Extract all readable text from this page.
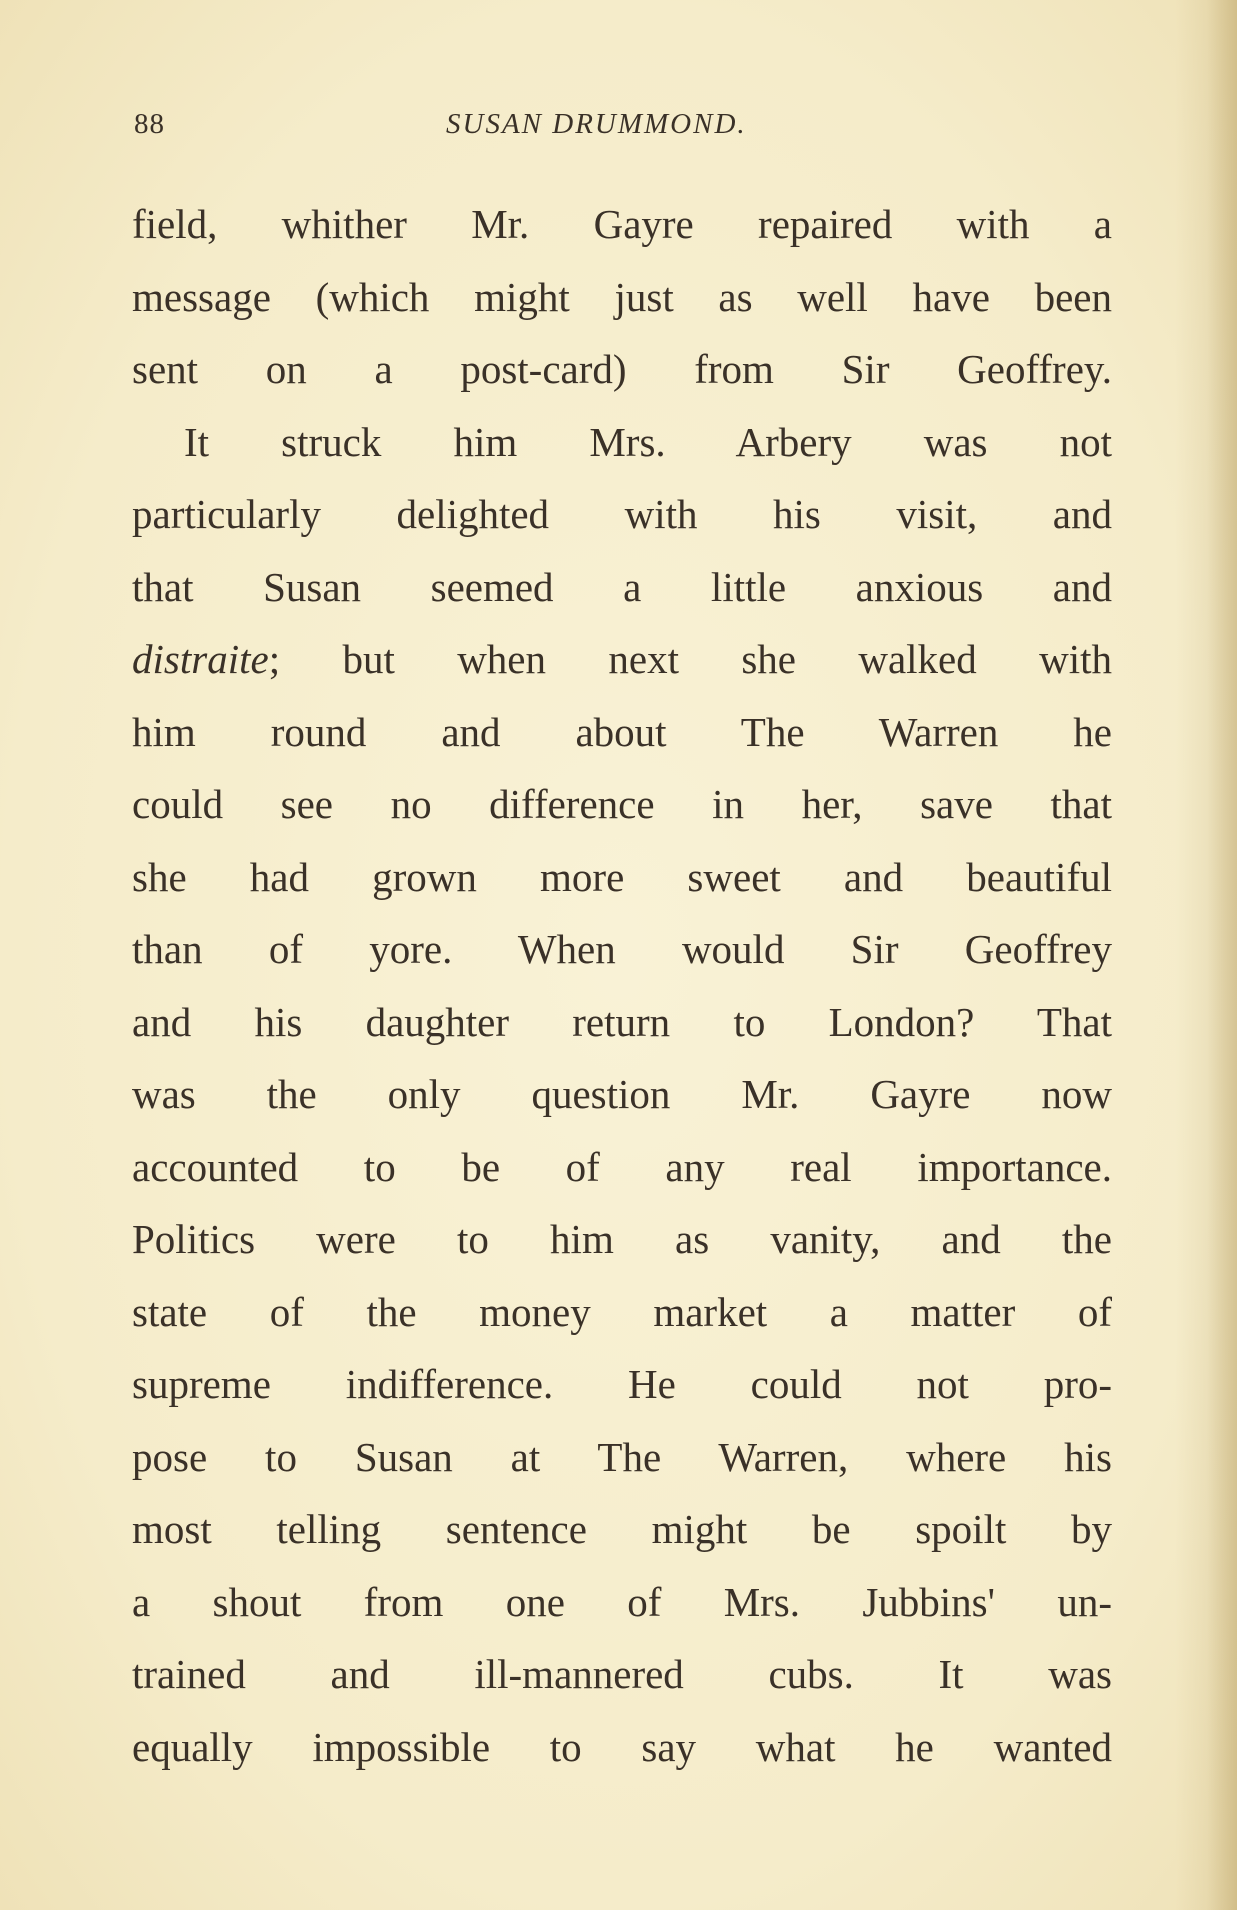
88	SUSAN DRUMMOND.
field, whither Mr. Gayre repaired with a
message (which might just as well have been
sent on a post-card) from Sir Geoffrey.
It struck him Mrs. Arbery was not
particularly delighted with his visit, and
that Susan seemed a little anxious and
distraite; but when next she walked with
him round and about The Warren he
could see no difference in her, save that
she had grown more sweet and beautiful
than of yore. When would Sir Geoffrey
and his daughter return to London? That
was the only question Mr. Gayre now
accounted to be of any real importance.
Politics were to him as vanity, and the
state of the money market a matter of
supreme indifference. He could not pro-
pose to Susan at The Warren, where his
most telling sentence might be spoilt by
a shout from one of Mrs. Jubbins' un-
trained and ill-mannered cubs. It was
equally impossible to say what he wanted
